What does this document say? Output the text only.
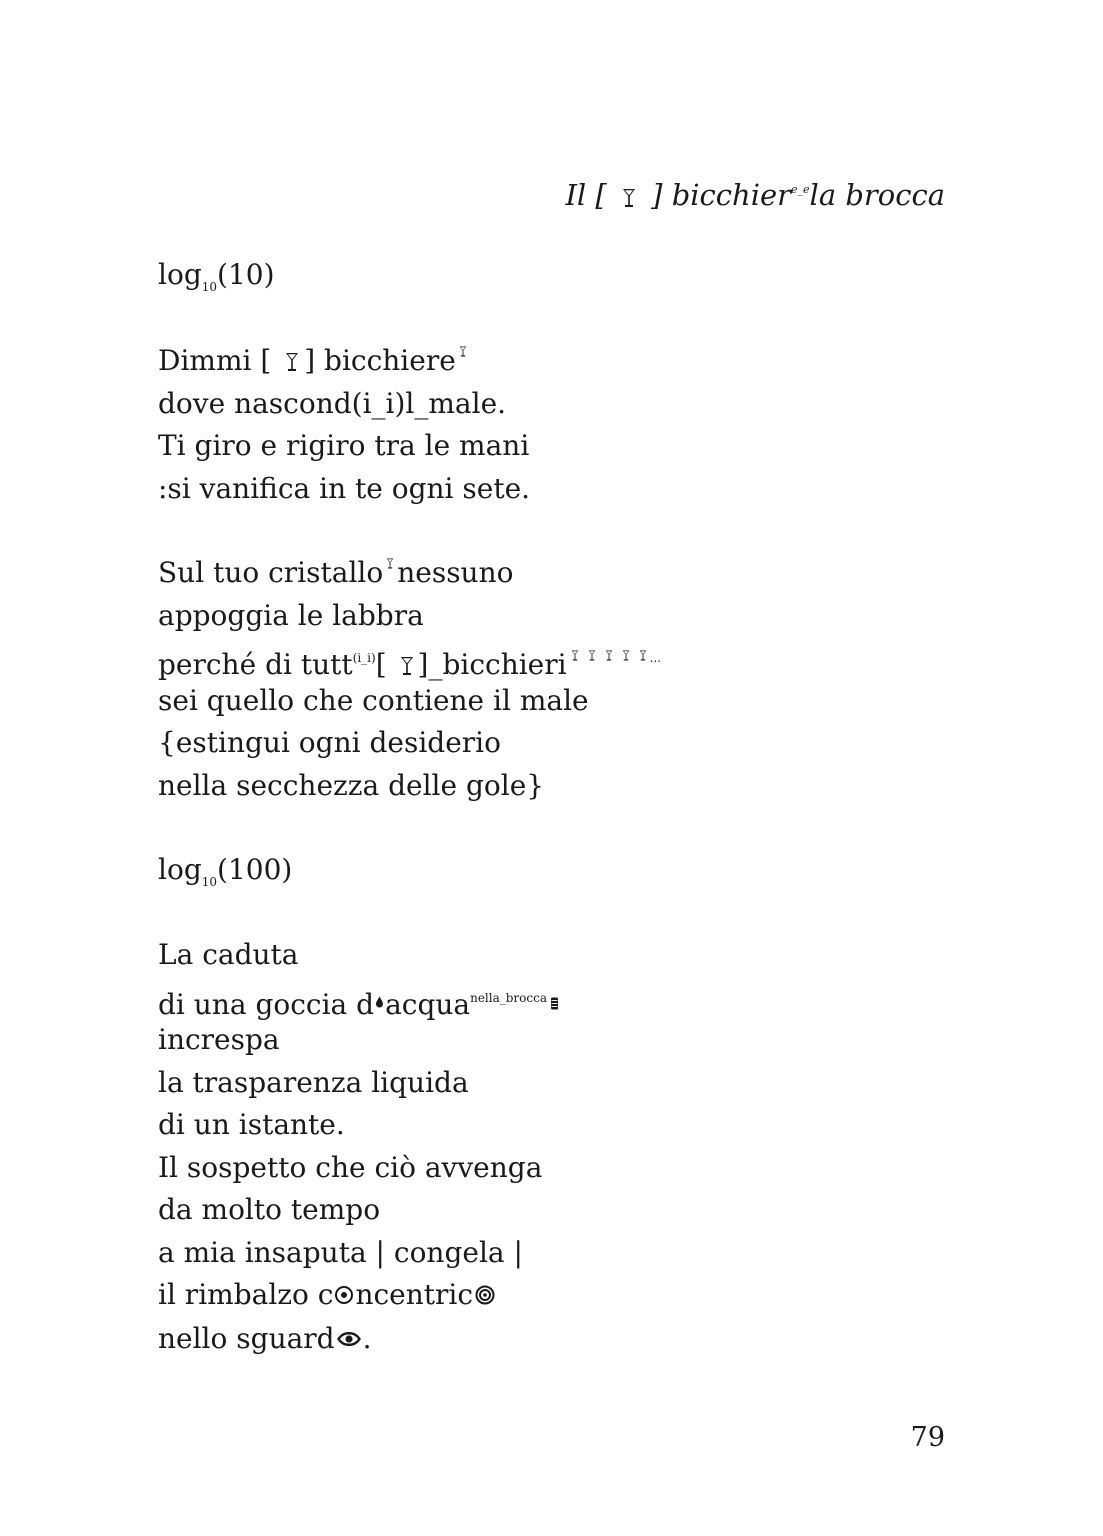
Il [ ] bicchier$^{e\_e}$la brocca
$\log_{10}(10)$
Dimmi [ ] bicchiere
dove nascond(i_i)l_male.
Ti giro e rigiro tra le mani
:si vanifica in te ogni sete.
Sul tuo cristallo nessuno
appoggia le labbra
perché di tutt$^{(i\_i)}$[ ]_bicchieri	...
sei quello che contiene il male
{estingui ogni desiderio
nella secchezza delle gole}
$\log_{10}(100)$
La caduta
di una goccia d acqua$^{nella\_brocca}$
increspa
la trasparenza liquida
di un istante.
Il sospetto che ciò avvenga
da molto tempo
a mia insaputa | congela |
il rimbalzo c ncentric
nello sguard .
79
